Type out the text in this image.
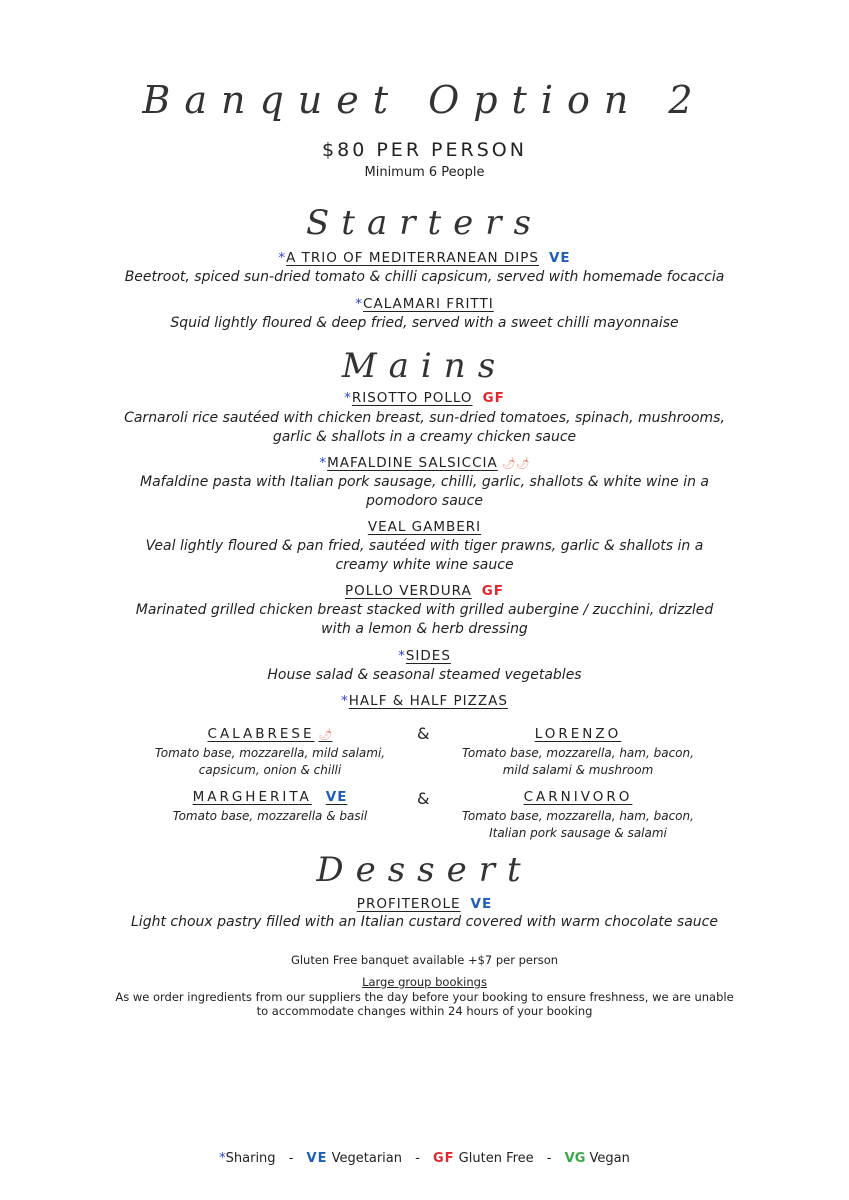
Banquet Option 2
$80 PER PERSON
Minimum 6 People
Starters
*A TRIO OF MEDITERRANEAN DIPS VE
Beetroot, spiced sun-dried tomato & chilli capsicum, served with homemade focaccia
*CALAMARI FRITTI
Squid lightly floured & deep fried, served with a sweet chilli mayonnaise
Mains
*RISOTTO POLLO GF
Carnaroli rice sautéed with chicken breast, sun-dried tomatoes, spinach, mushrooms,
garlic & shallots in a creamy chicken sauce
*MAFALDINE SALSICCIA 🌶🌶
Mafaldine pasta with Italian pork sausage, chilli, garlic, shallots & white wine in a
pomodoro sauce
VEAL GAMBERI
Veal lightly floured & pan fried, sautéed with tiger prawns, garlic & shallots in a
creamy white wine sauce
POLLO VERDURA GF
Marinated grilled chicken breast stacked with grilled aubergine / zucchini, drizzled
with a lemon & herb dressing
*SIDES
House salad & seasonal steamed vegetables
*HALF & HALF PIZZAS
CALABRESE 🌶
Tomato base, mozzarella, mild salami,
capsicum, onion & chilli
&	LORENZO
Tomato base, mozzarella, ham, bacon,
mild salami & mushroom
MARGHERITA VE
Tomato base, mozzarella & basil
&	CARNIVORO
Tomato base, mozzarella, ham, bacon,
Italian pork sausage & salami
Dessert
PROFITEROLE VE
Light choux pastry filled with an Italian custard covered with warm chocolate sauce
Gluten Free banquet available +$7 per person
Large group bookings
As we order ingredients from our suppliers the day before your booking to ensure freshness, we are unable
to accommodate changes within 24 hours of your booking
*Sharing - VE Vegetarian - GF Gluten Free - VG Vegan
